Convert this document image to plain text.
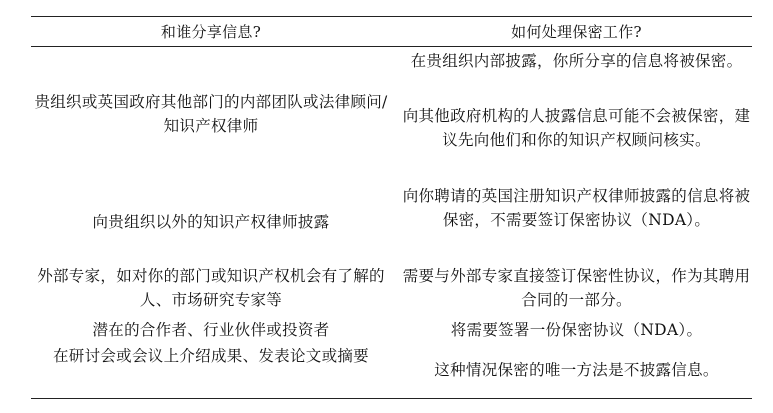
和谁分享信息?	如何处理保密工作?
贵组织或英国政府其他部门的内部团队或法律顾问/知识产权律师
在贵组织内部披露，你所分享的信息将被保密。
向其他政府机构的人披露信息可能不会被保密，建议先向他们和你的知识产权顾问核实。
向贵组织以外的知识产权律师披露
向你聘请的英国注册知识产权律师披露的信息将被保密，不需要签订保密协议（NDA）。
外部专家，如对你的部门或知识产权机会有了解的人、市场研究专家等
需要与外部专家直接签订保密性协议，作为其聘用合同的一部分。
潜在的合作者、行业伙伴或投资者	将需要签署一份保密协议（NDA）。
在研讨会或会议上介绍成果、发表论文或摘要
这种情况保密的唯一方法是不披露信息。
